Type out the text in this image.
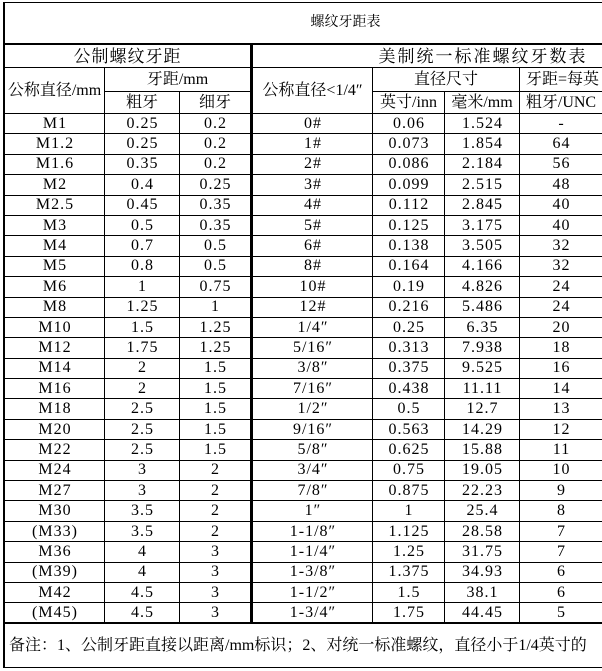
螺纹牙距表
公制螺纹牙距	美制统一标准螺纹牙数表
公称直径/mm
牙距/mm
公称直径<1/4″
直径尺寸	牙距=每英
粗牙	细牙	英寸/inn 毫米/mm 粗牙/UNC
M1	0.25	0.2	0#	0.06	1.524	-
M1.2	0.25	0.2	1#	0.073	1.854	64
M1.6	0.35	0.2	2#	0.086	2.184	56
M2	0.4	0.25	3#	0.099	2.515	48
M2.5	0.45	0.35	4#	0.112	2.845	40
M3	0.5	0.35	5#	0.125	3.175	40
M4	0.7	0.5	6#	0.138	3.505	32
M5	0.8	0.5	8#	0.164	4.166	32
M6	1	0.75	10#	0.19	4.826	24
M8	1.25	1	12#	0.216	5.486	24
M10	1.5	1.25	1/4″	0.25	6.35	20
M12	1.75	1.25	5/16″	0.313	7.938	18
M14	2	1.5	3/8″	0.375	9.525	16
M16	2	1.5	7/16″	0.438	11.11	14
M18	2.5	1.5	1/2″	0.5	12.7	13
M20	2.5	1.5	9/16″	0.563	14.29	12
M22	2.5	1.5	5/8″	0.625	15.88	11
M24	3	2	3/4″	0.75	19.05	10
M27	3	2	7/8″	0.875	22.23	9
M30	3.5	2	1″	1	25.4	8
(M33)	3.5	2	1-1/8″	1.125	28.58	7
M36	4	3	1-1/4″	1.25	31.75	7
(M39)	4	3	1-3/8″	1.375	34.93	6
M42	4.5	3	1-1/2″	1.5	38.1	6
(M45)	4.5	3	1-3/4″	1.75	44.45	5
备注：1、公制牙距直接以距离/mm标识；2、对统一标准螺纹，直径小于1/4英寸的
